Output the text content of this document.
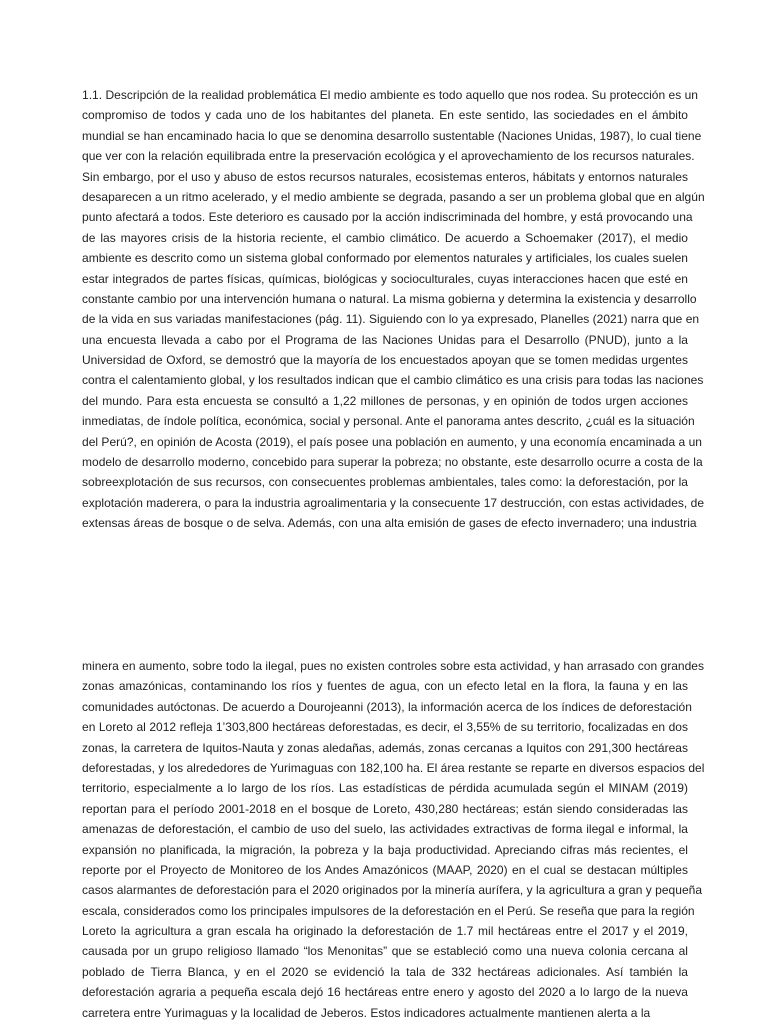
1.1. Descripción de la realidad problemática El medio ambiente es todo aquello que nos rodea. Su protección es un
compromiso de todos y cada uno de los habitantes del planeta. En este sentido, las sociedades en el ámbito
mundial se han encaminado hacia lo que se denomina desarrollo sustentable (Naciones Unidas, 1987), lo cual tiene
que ver con la relación equilibrada entre la preservación ecológica y el aprovechamiento de los recursos naturales.
Sin embargo, por el uso y abuso de estos recursos naturales, ecosistemas enteros, hábitats y entornos naturales
desaparecen a un ritmo acelerado, y el medio ambiente se degrada, pasando a ser un problema global que en algún
punto afectará a todos. Este deterioro es causado por la acción indiscriminada del hombre, y está provocando una
de las mayores crisis de la historia reciente, el cambio climático. De acuerdo a Schoemaker (2017), el medio
ambiente es descrito como un sistema global conformado por elementos naturales y artificiales, los cuales suelen
estar integrados de partes físicas, químicas, biológicas y socioculturales, cuyas interacciones hacen que esté en
constante cambio por una intervención humana o natural. La misma gobierna y determina la existencia y desarrollo
de la vida en sus variadas manifestaciones (pág. 11). Siguiendo con lo ya expresado, Planelles (2021) narra que en
una encuesta llevada a cabo por el Programa de las Naciones Unidas para el Desarrollo (PNUD), junto a la
Universidad de Oxford, se demostró que la mayoría de los encuestados apoyan que se tomen medidas urgentes
contra el calentamiento global, y los resultados indican que el cambio climático es una crisis para todas las naciones
del mundo. Para esta encuesta se consultó a 1,22 millones de personas, y en opinión de todos urgen acciones
inmediatas, de índole política, económica, social y personal. Ante el panorama antes descrito, ¿cuál es la situación
del Perú?, en opinión de Acosta (2019), el país posee una población en aumento, y una economía encaminada a un
modelo de desarrollo moderno, concebido para superar la pobreza; no obstante, este desarrollo ocurre a costa de la
sobreexplotación de sus recursos, con consecuentes problemas ambientales, tales como: la deforestación, por la
explotación maderera, o para la industria agroalimentaria y la consecuente 17 destrucción, con estas actividades, de
extensas áreas de bosque o de selva. Además, con una alta emisión de gases de efecto invernadero; una industria
minera en aumento, sobre todo la ilegal, pues no existen controles sobre esta actividad, y han arrasado con grandes
zonas amazónicas, contaminando los ríos y fuentes de agua, con un efecto letal en la flora, la fauna y en las
comunidades autóctonas. De acuerdo a Dourojeanni (2013), la información acerca de los índices de deforestación
en Loreto al 2012 refleja 1’303,800 hectáreas deforestadas, es decir, el 3,55% de su territorio, focalizadas en dos
zonas, la carretera de Iquitos-Nauta y zonas aledañas, además, zonas cercanas a Iquitos con 291,300 hectáreas
deforestadas, y los alrededores de Yurimaguas con 182,100 ha. El área restante se reparte en diversos espacios del
territorio, especialmente a lo largo de los ríos. Las estadísticas de pérdida acumulada según el MINAM (2019)
reportan para el período 2001-2018 en el bosque de Loreto, 430,280 hectáreas; están siendo consideradas las
amenazas de deforestación, el cambio de uso del suelo, las actividades extractivas de forma ilegal e informal, la
expansión no planificada, la migración, la pobreza y la baja productividad. Apreciando cifras más recientes, el
reporte por el Proyecto de Monitoreo de los Andes Amazónicos (MAAP, 2020) en el cual se destacan múltiples
casos alarmantes de deforestación para el 2020 originados por la minería aurífera, y la agricultura a gran y pequeña
escala, considerados como los principales impulsores de la deforestación en el Perú. Se reseña que para la región
Loreto la agricultura a gran escala ha originado la deforestación de 1.7 mil hectáreas entre el 2017 y el 2019,
causada por un grupo religioso llamado “los Menonitas” que se estableció como una nueva colonia cercana al
poblado de Tierra Blanca, y en el 2020 se evidenció la tala de 332 hectáreas adicionales. Así también la
deforestación agraria a pequeña escala dejó 16 hectáreas entre enero y agosto del 2020 a lo largo de la nueva
carretera entre Yurimaguas y la localidad de Jeberos. Estos indicadores actualmente mantienen alerta a la
